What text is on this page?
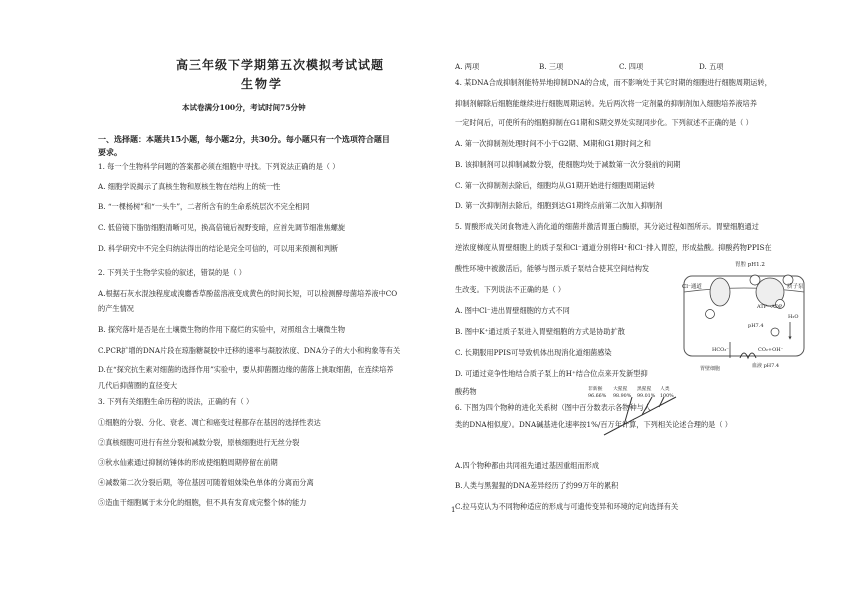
高三年级下学期第五次模拟考试试题
生物学
本试卷满分100分，考试时间75分钟
一、选择题：本题共15小题，每小题2分，共30分。每小题只有一个选项符合题目
要求。
1. 每一个生物科学问题的答案都必须在细胞中寻找。下列说法正确的是（ ）
A. 细胞学说揭示了真核生物和原核生物在结构上的统一性
B. “一棵杨树”和“一头牛”，二者所含有的生命系统层次不完全相同
C. 低倍镜下脂肪细胞清晰可见，换高倍镜后视野变暗，应首先调节细准焦螺旋
D. 科学研究中不完全归纳法得出的结论是完全可信的，可以用来预测和判断
2. 下列关于生物学实验的叙述，错误的是（ ）
A.根据石灰水混浊程度或溴麝香草酚蓝溶液变成黄色的时间长短，可以检测酵母菌培养液中CO
的产生情况
B. 探究落叶是否是在土壤微生物的作用下腐烂的实验中，对照组含土壤微生物
C.PCR扩增的DNA片段在琼脂糖凝胶中迁移的速率与凝胶浓度、DNA分子的大小和构象等有关
D.在“探究抗生素对细菌的选择作用”实验中，要从抑菌圈边缘的菌落上挑取细菌，在连续培养
几代后抑菌圈的直径变大
3. 下列有关细胞生命历程的说法，正确的有（ ）
①细胞的分裂、分化、衰老、凋亡和癌变过程都存在基因的选择性表达
②真核细胞可进行有丝分裂和减数分裂，原核细胞进行无丝分裂
③秋水仙素通过抑制纺锤体的形成使细胞周期停留在前期
④减数第二次分裂后期，等位基因可随着姐妹染色单体的分离而分离
⑤造血干细胞属于未分化的细胞，但不具有发育成完整个体的能力
A. 两项	B. 三项	C. 四项	D. 五项
4. 某DNA合成抑制剂能特异地抑制DNA的合成，而不影响处于其它时期的细胞进行细胞周期运转，
抑制剂解除后细胞能继续进行细胞周期运转。先后两次将一定剂量的抑制剂加入细胞培养液培养
一定时间后，可使所有的细胞抑制在G1期和S期交界处实现同步化。下列叙述不正确的是（ ）
A. 第一次抑制剂处理时间不小于G2期、M期和G1期时间之和
B. 该抑制剂可以抑制减数分裂，使细胞均处于减数第一次分裂前的间期
C. 第一次抑制剂去除后，细胞均从G1期开始进行细胞周期运转
D. 第一次抑制剂去除后，细胞到达G1期终点前第二次加入抑制剂
5. 胃酸形成关闭食物进入消化道的细菌并激活胃蛋白酶原，其分泌过程如图所示。胃壁细胞通过
逆浓度梯度从胃壁细胞上的质子泵和Cl⁻通道分别将H⁺和Cl⁻排入胃腔，形成盐酸。抑酸药物PPIS在
酸性环境中被激活后，能够与图示质子泵结合使其空间结构发
生改变。下列说法不正确的是（ ）
A. 图中Cl⁻进出胃壁细胞的方式不同
B. 图中K⁺通过质子泵进入胃壁细胞的方式是协助扩散
C. 长期服用PPIS可导致机体出现消化道细菌感染
D. 可通过竞争性地结合质子泵上的H⁺结合位点来开发新型抑
酸药物
6. 下图为四个物种的进化关系树（图中百分数表示各物种与人
类的DNA相似度）。DNA碱基进化速率按1%/百万年计算，下列相关论述合理的是（ ）
A.四个物种都由共同祖先通过基因重组而形成
B.人类与黑猩猩的DNA差异经历了约99万年的累积
C.拉马克认为不同物种适应的形成与可遗传变异和环境的定向选择有关
胃腔 pH1.2
Cl⁻通道	质子泵
ATP→ADP
pH7.4
CO₂+OH⁻
HCO₃⁻
血液 pH7.4
胃壁细胞
H₂O
非新猴 大猩猩 黑猩猩 人类
96.66% 98.90% 99.01% 100%
1
